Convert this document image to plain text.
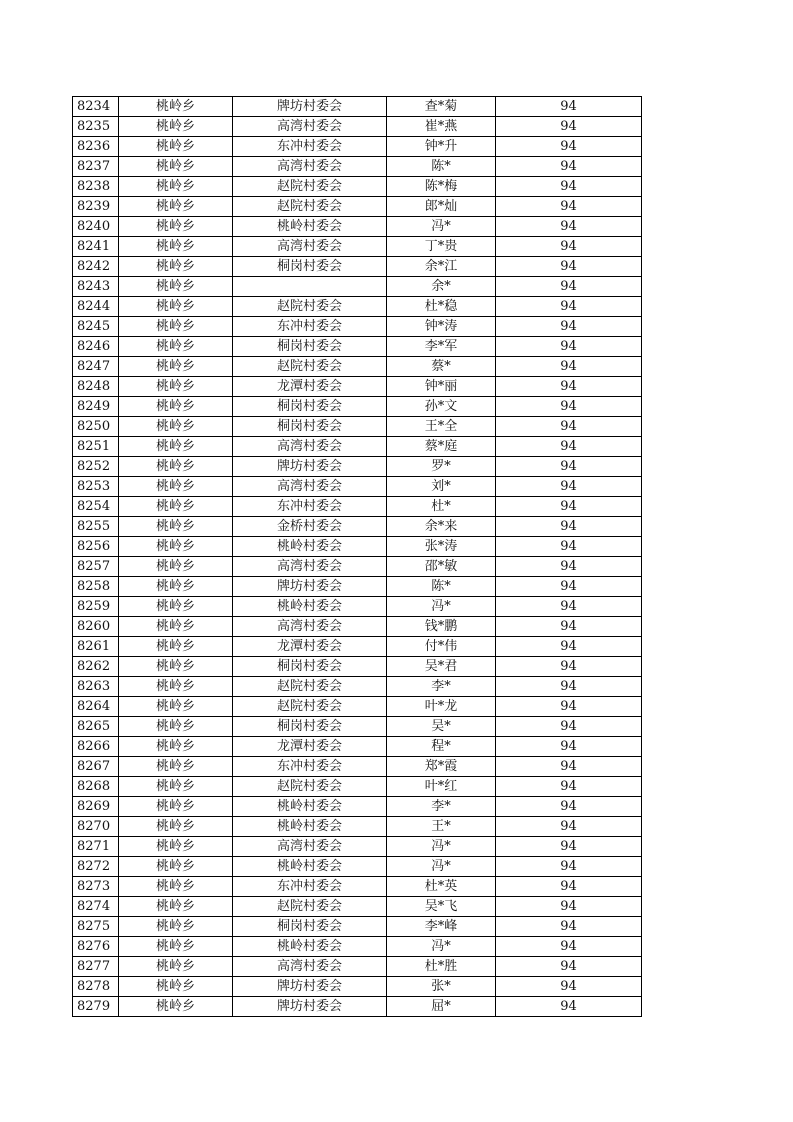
8234	桃岭乡	牌坊村委会	查*菊	94
8235	桃岭乡	高湾村委会	崔*燕	94
8236	桃岭乡	东冲村委会	钟*升	94
8237	桃岭乡	高湾村委会	陈*	94
8238	桃岭乡	赵院村委会	陈*梅	94
8239	桃岭乡	赵院村委会	郎*灿	94
8240	桃岭乡	桃岭村委会	冯*	94
8241	桃岭乡	高湾村委会	丁*贵	94
8242	桃岭乡	桐岗村委会	余*江	94
8243	桃岭乡		余*	94
8244	桃岭乡	赵院村委会	杜*稳	94
8245	桃岭乡	东冲村委会	钟*涛	94
8246	桃岭乡	桐岗村委会	李*军	94
8247	桃岭乡	赵院村委会	蔡*	94
8248	桃岭乡	龙潭村委会	钟*丽	94
8249	桃岭乡	桐岗村委会	孙*文	94
8250	桃岭乡	桐岗村委会	王*全	94
8251	桃岭乡	高湾村委会	蔡*庭	94
8252	桃岭乡	牌坊村委会	罗*	94
8253	桃岭乡	高湾村委会	刘*	94
8254	桃岭乡	东冲村委会	杜*	94
8255	桃岭乡	金桥村委会	余*来	94
8256	桃岭乡	桃岭村委会	张*涛	94
8257	桃岭乡	高湾村委会	邵*敏	94
8258	桃岭乡	牌坊村委会	陈*	94
8259	桃岭乡	桃岭村委会	冯*	94
8260	桃岭乡	高湾村委会	钱*鹏	94
8261	桃岭乡	龙潭村委会	付*伟	94
8262	桃岭乡	桐岗村委会	吴*君	94
8263	桃岭乡	赵院村委会	李*	94
8264	桃岭乡	赵院村委会	叶*龙	94
8265	桃岭乡	桐岗村委会	吴*	94
8266	桃岭乡	龙潭村委会	程*	94
8267	桃岭乡	东冲村委会	郑*霞	94
8268	桃岭乡	赵院村委会	叶*红	94
8269	桃岭乡	桃岭村委会	李*	94
8270	桃岭乡	桃岭村委会	王*	94
8271	桃岭乡	高湾村委会	冯*	94
8272	桃岭乡	桃岭村委会	冯*	94
8273	桃岭乡	东冲村委会	杜*英	94
8274	桃岭乡	赵院村委会	吴*飞	94
8275	桃岭乡	桐岗村委会	李*峰	94
8276	桃岭乡	桃岭村委会	冯*	94
8277	桃岭乡	高湾村委会	杜*胜	94
8278	桃岭乡	牌坊村委会	张*	94
8279	桃岭乡	牌坊村委会	屈*	94
